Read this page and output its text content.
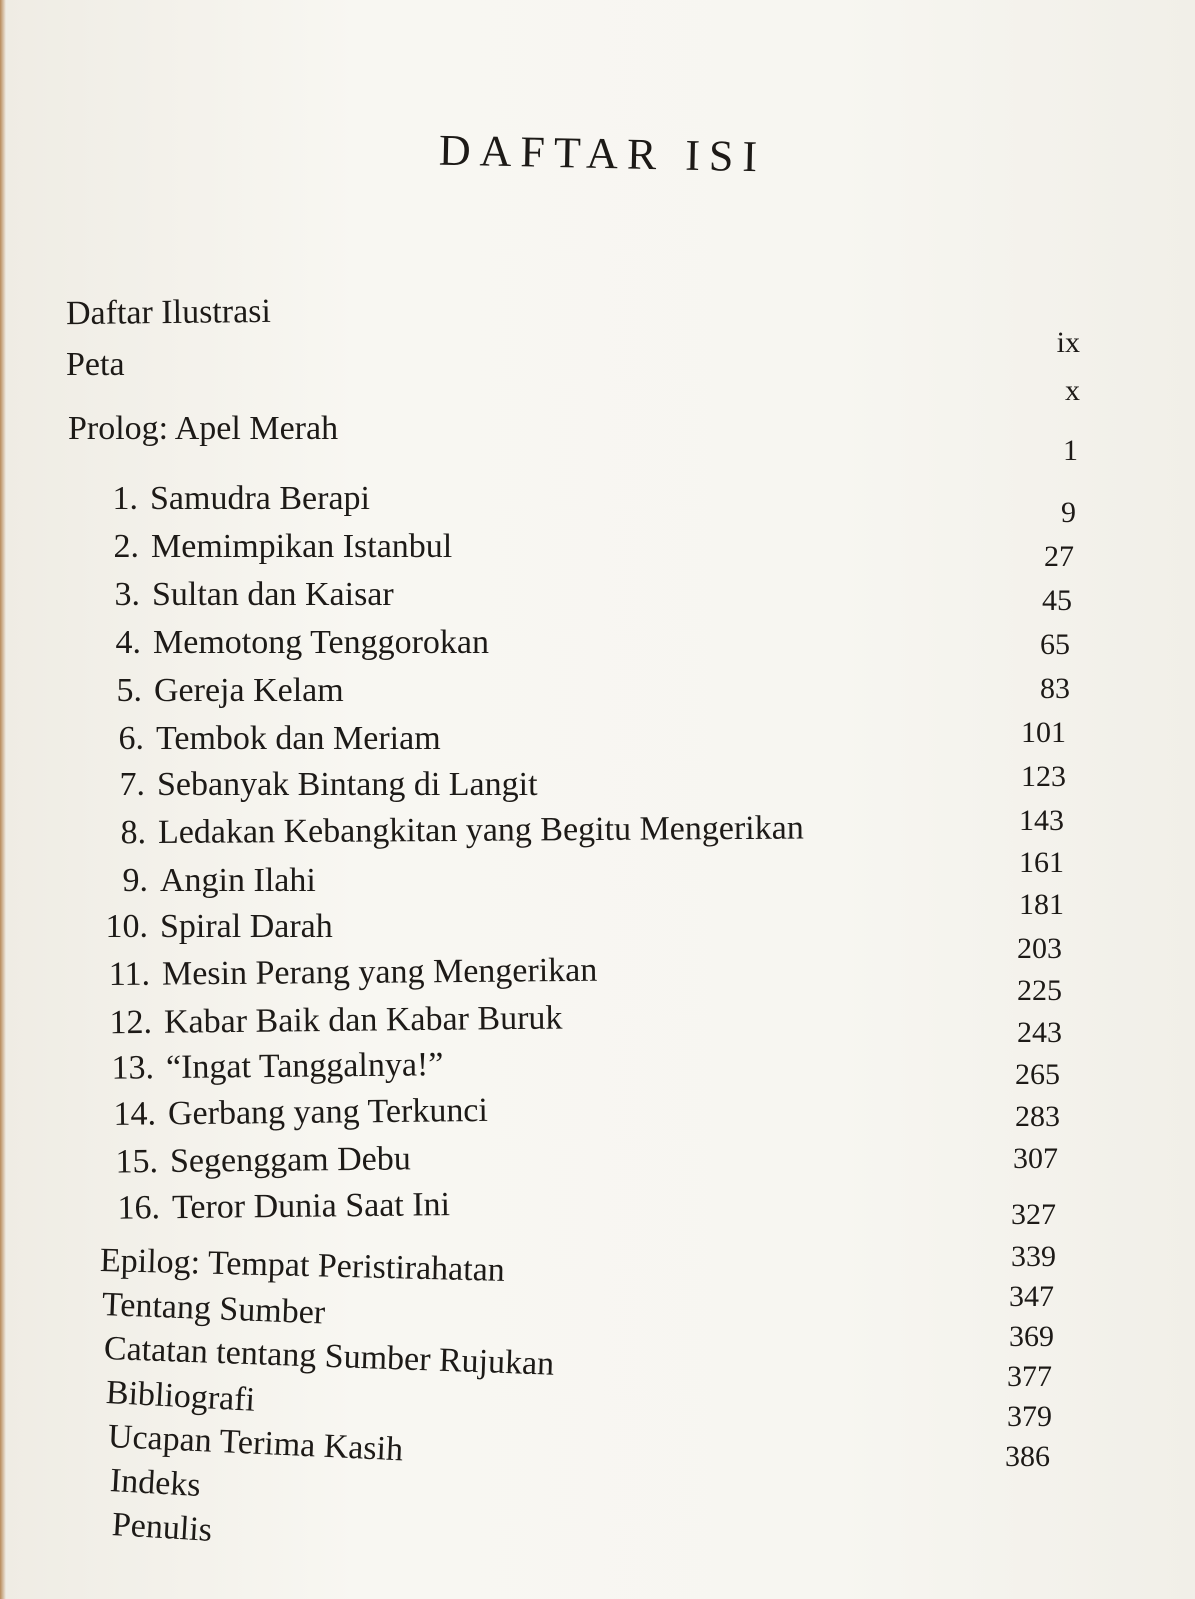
DAFTAR ISI
Daftar Ilustrasi
Peta
Prolog: Apel Merah
1. Samudra Berapi
2. Memimpikan Istanbul
3. Sultan dan Kaisar
4. Memotong Tenggorokan
5. Gereja Kelam
6. Tembok dan Meriam
7. Sebanyak Bintang di Langit
8. Ledakan Kebangkitan yang Begitu Mengerikan
9. Angin Ilahi
10. Spiral Darah
11. Mesin Perang yang Mengerikan
12. Kabar Baik dan Kabar Buruk
13. “Ingat Tanggalnya!”
14. Gerbang yang Terkunci
15. Segenggam Debu
16. Teror Dunia Saat Ini
Epilog: Tempat Peristirahatan
Tentang Sumber
Catatan tentang Sumber Rujukan
Bibliografi
Ucapan Terima Kasih
Indeks
Penulis
ix
x
1
9
27
45
65
83
101
123
143
161
181
203
225
243
265
283
307
327
339
347
369
377
379
386
